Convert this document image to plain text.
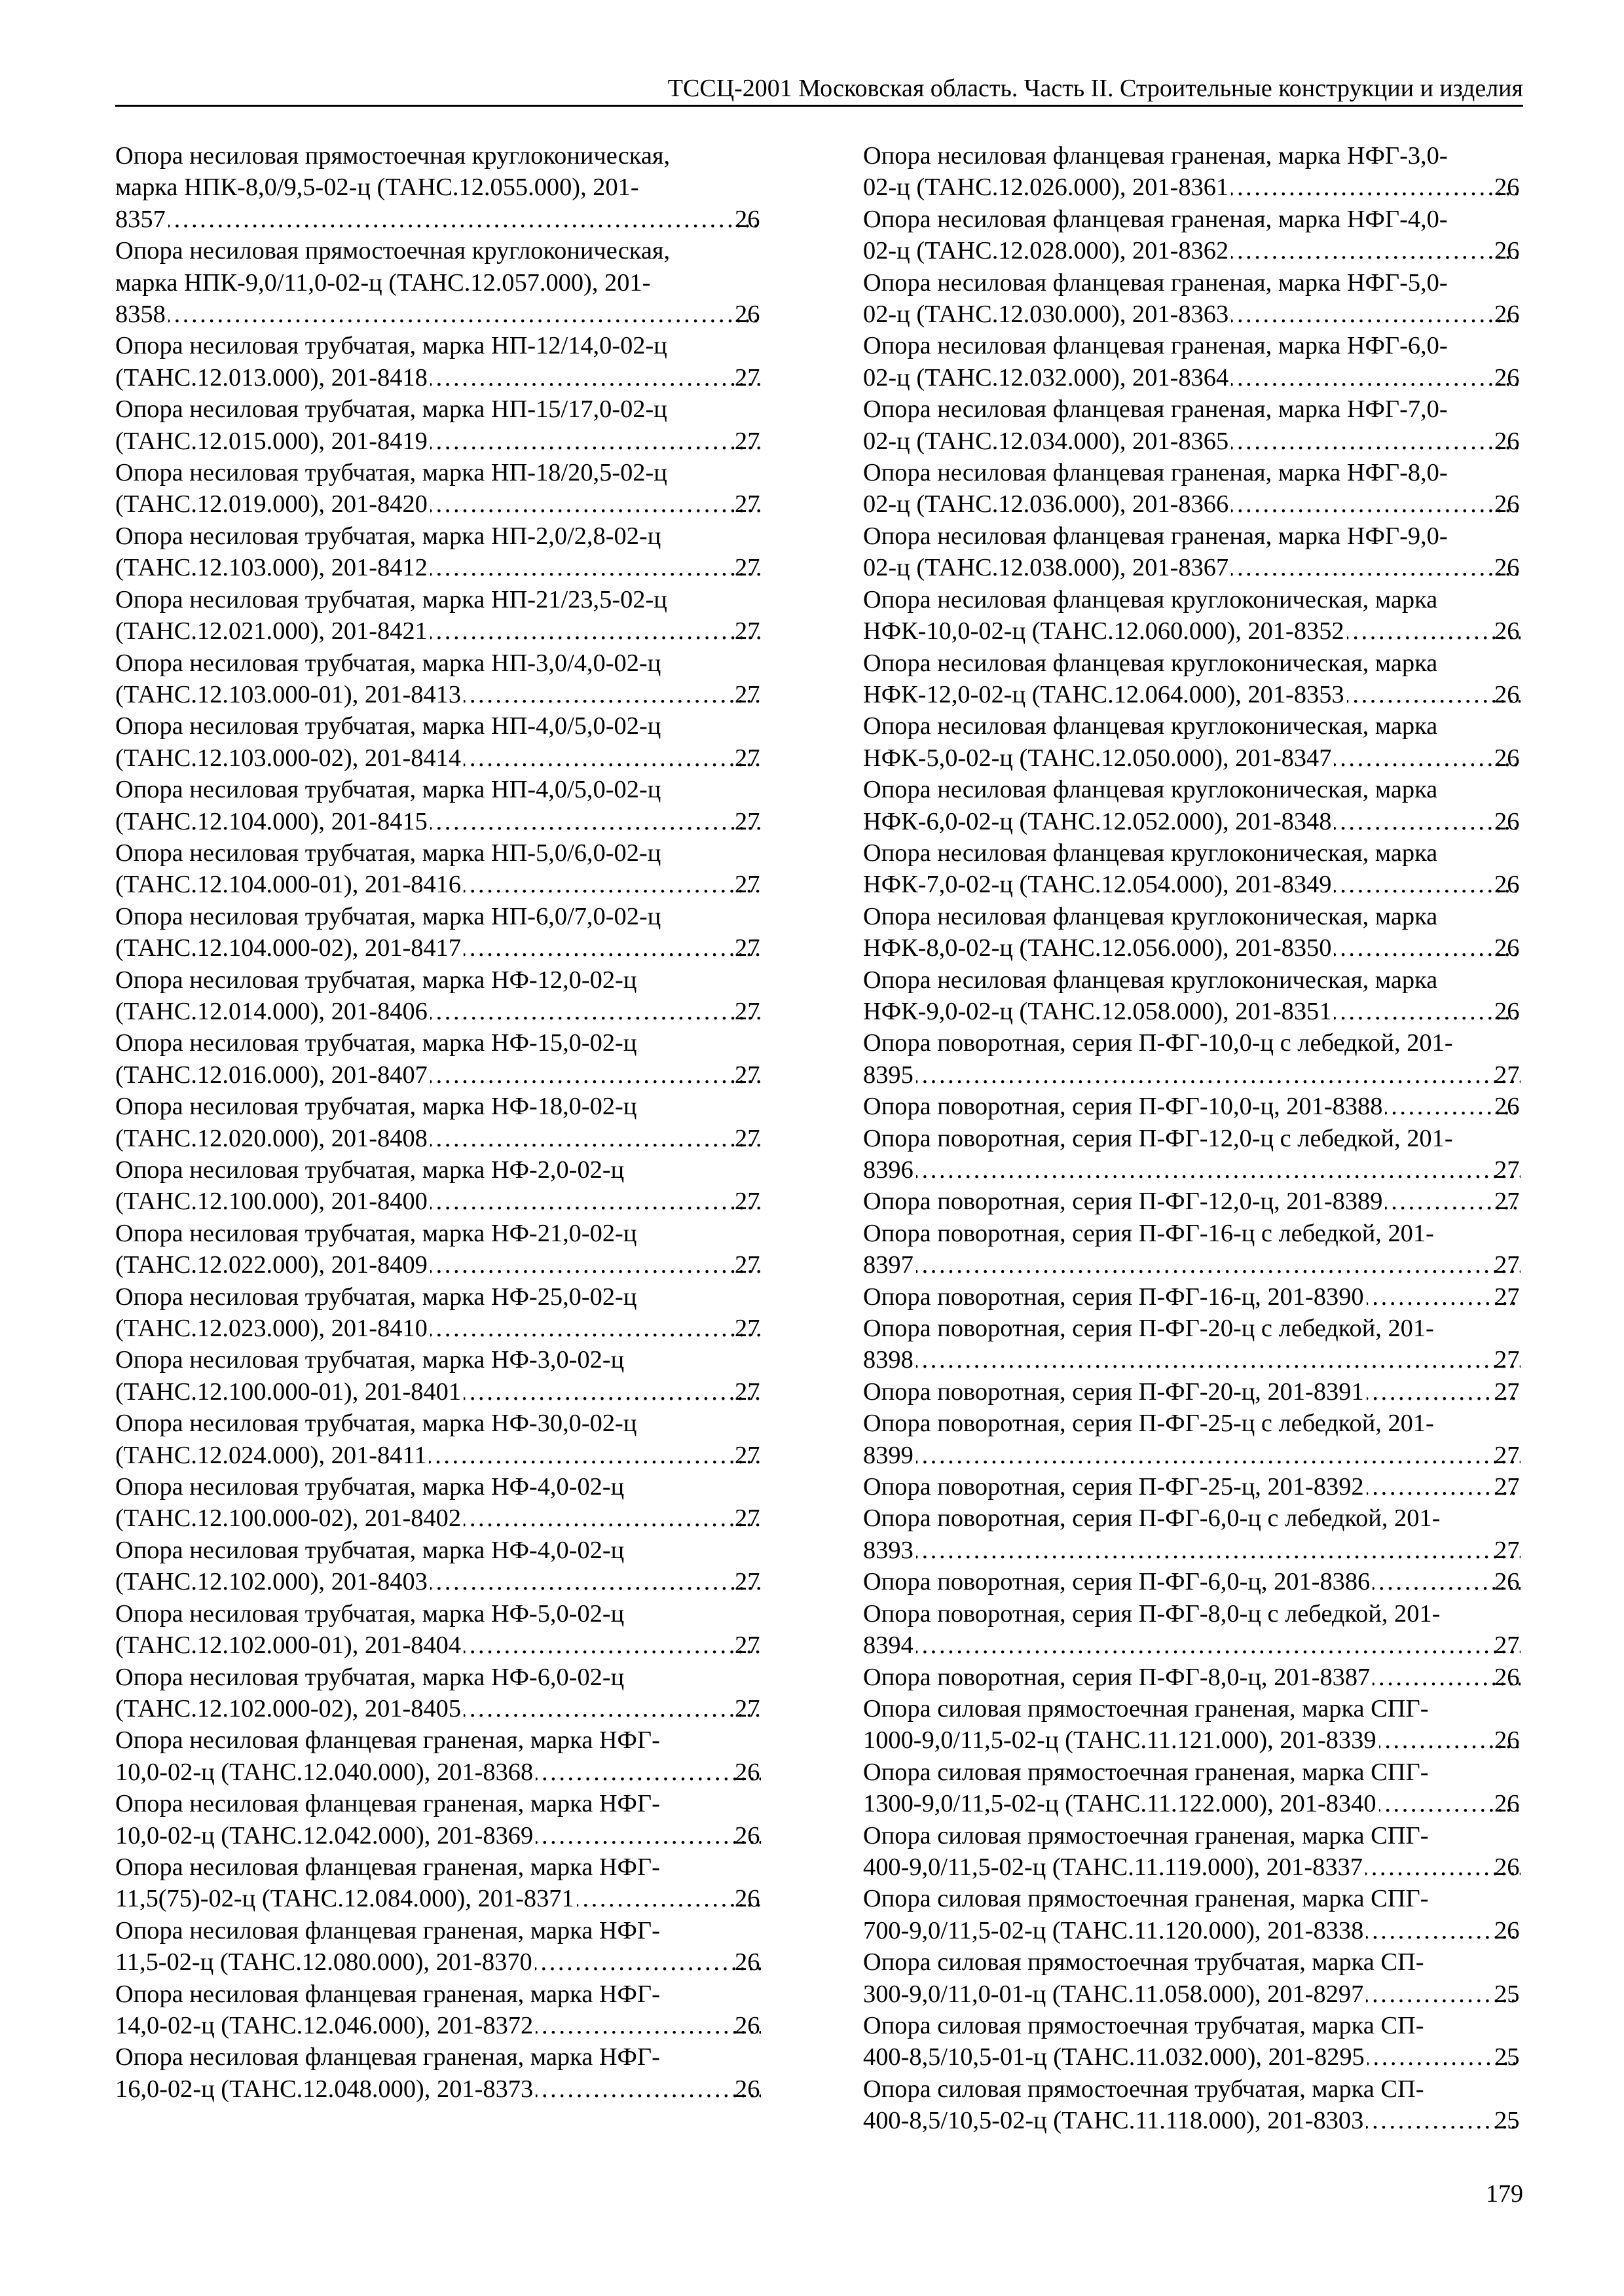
ТССЦ-2001 Московская область. Часть II. Строительные конструкции и изделия
Опора несиловая прямостоечная круглоконическая,
марка НПК-8,0/9,5-02-ц (ТАНС.12.055.000), 201-
8357 . . .	26
Опора несиловая прямостоечная круглоконическая,
марка НПК-9,0/11,0-02-ц (ТАНС.12.057.000), 201-
8358 . . .	26
Опора несиловая трубчатая, марка НП-12/14,0-02-ц
(ТАНС.12.013.000), 201-8418 . . .	27
Опора несиловая трубчатая, марка НП-15/17,0-02-ц
(ТАНС.12.015.000), 201-8419 . . .	27
Опора несиловая трубчатая, марка НП-18/20,5-02-ц
(ТАНС.12.019.000), 201-8420 . . .	27
Опора несиловая трубчатая, марка НП-2,0/2,8-02-ц
(ТАНС.12.103.000), 201-8412 . . .	27
Опора несиловая трубчатая, марка НП-21/23,5-02-ц
(ТАНС.12.021.000), 201-8421 . . .	27
Опора несиловая трубчатая, марка НП-3,0/4,0-02-ц
(ТАНС.12.103.000-01), 201-8413 . . .	27
Опора несиловая трубчатая, марка НП-4,0/5,0-02-ц
(ТАНС.12.103.000-02), 201-8414 . . .	27
Опора несиловая трубчатая, марка НП-4,0/5,0-02-ц
(ТАНС.12.104.000), 201-8415 . . .	27
Опора несиловая трубчатая, марка НП-5,0/6,0-02-ц
(ТАНС.12.104.000-01), 201-8416 . . .	27
Опора несиловая трубчатая, марка НП-6,0/7,0-02-ц
(ТАНС.12.104.000-02), 201-8417 . . .	27
Опора несиловая трубчатая, марка НФ-12,0-02-ц
(ТАНС.12.014.000), 201-8406 . . .	27
Опора несиловая трубчатая, марка НФ-15,0-02-ц
(ТАНС.12.016.000), 201-8407 . . .	27
Опора несиловая трубчатая, марка НФ-18,0-02-ц
(ТАНС.12.020.000), 201-8408 . . .	27
Опора несиловая трубчатая, марка НФ-2,0-02-ц
(ТАНС.12.100.000), 201-8400 . . .	27
Опора несиловая трубчатая, марка НФ-21,0-02-ц
(ТАНС.12.022.000), 201-8409 . . .	27
Опора несиловая трубчатая, марка НФ-25,0-02-ц
(ТАНС.12.023.000), 201-8410 . . .	27
Опора несиловая трубчатая, марка НФ-3,0-02-ц
(ТАНС.12.100.000-01), 201-8401 . . .	27
Опора несиловая трубчатая, марка НФ-30,0-02-ц
(ТАНС.12.024.000), 201-8411 . . .	27
Опора несиловая трубчатая, марка НФ-4,0-02-ц
(ТАНС.12.100.000-02), 201-8402 . . .	27
Опора несиловая трубчатая, марка НФ-4,0-02-ц
(ТАНС.12.102.000), 201-8403 . . .	27
Опора несиловая трубчатая, марка НФ-5,0-02-ц
(ТАНС.12.102.000-01), 201-8404 . . .	27
Опора несиловая трубчатая, марка НФ-6,0-02-ц
(ТАНС.12.102.000-02), 201-8405 . . .	27
Опора несиловая фланцевая граненая, марка НФГ-
10,0-02-ц (ТАНС.12.040.000), 201-8368 . . .	26
Опора несиловая фланцевая граненая, марка НФГ-
10,0-02-ц (ТАНС.12.042.000), 201-8369 . . .	26
Опора несиловая фланцевая граненая, марка НФГ-
11,5(75)-02-ц (ТАНС.12.084.000), 201-8371 . . .	26
Опора несиловая фланцевая граненая, марка НФГ-
11,5-02-ц (ТАНС.12.080.000), 201-8370 . . .	26
Опора несиловая фланцевая граненая, марка НФГ-
14,0-02-ц (ТАНС.12.046.000), 201-8372 . . .	26
Опора несиловая фланцевая граненая, марка НФГ-
16,0-02-ц (ТАНС.12.048.000), 201-8373 . . .	26
Опора несиловая фланцевая граненая, марка НФГ-3,0-
02-ц (ТАНС.12.026.000), 201-8361 . . .	26
Опора несиловая фланцевая граненая, марка НФГ-4,0-
02-ц (ТАНС.12.028.000), 201-8362 . . .	26
Опора несиловая фланцевая граненая, марка НФГ-5,0-
02-ц (ТАНС.12.030.000), 201-8363 . . .	26
Опора несиловая фланцевая граненая, марка НФГ-6,0-
02-ц (ТАНС.12.032.000), 201-8364 . . .	26
Опора несиловая фланцевая граненая, марка НФГ-7,0-
02-ц (ТАНС.12.034.000), 201-8365 . . .	26
Опора несиловая фланцевая граненая, марка НФГ-8,0-
02-ц (ТАНС.12.036.000), 201-8366 . . .	26
Опора несиловая фланцевая граненая, марка НФГ-9,0-
02-ц (ТАНС.12.038.000), 201-8367 . . .	26
Опора несиловая фланцевая круглоконическая, марка
НФК-10,0-02-ц (ТАНС.12.060.000), 201-8352 . . .	26
Опора несиловая фланцевая круглоконическая, марка
НФК-12,0-02-ц (ТАНС.12.064.000), 201-8353 . . .	26
Опора несиловая фланцевая круглоконическая, марка
НФК-5,0-02-ц (ТАНС.12.050.000), 201-8347 . . .	26
Опора несиловая фланцевая круглоконическая, марка
НФК-6,0-02-ц (ТАНС.12.052.000), 201-8348 . . .	26
Опора несиловая фланцевая круглоконическая, марка
НФК-7,0-02-ц (ТАНС.12.054.000), 201-8349 . . .	26
Опора несиловая фланцевая круглоконическая, марка
НФК-8,0-02-ц (ТАНС.12.056.000), 201-8350 . . .	26
Опора несиловая фланцевая круглоконическая, марка
НФК-9,0-02-ц (ТАНС.12.058.000), 201-8351 . . .	26
Опора поворотная, серия П-ФГ-10,0-ц с лебедкой, 201-
8395 . . .	27
Опора поворотная, серия П-ФГ-10,0-ц, 201-8388 . . .	26
Опора поворотная, серия П-ФГ-12,0-ц с лебедкой, 201-
8396 . . .	27
Опора поворотная, серия П-ФГ-12,0-ц, 201-8389 . . .	27
Опора поворотная, серия П-ФГ-16-ц с лебедкой, 201-
8397 . . .	27
Опора поворотная, серия П-ФГ-16-ц, 201-8390 . . .	27
Опора поворотная, серия П-ФГ-20-ц с лебедкой, 201-
8398 . . .	27
Опора поворотная, серия П-ФГ-20-ц, 201-8391 . . .	27
Опора поворотная, серия П-ФГ-25-ц с лебедкой, 201-
8399 . . .	27
Опора поворотная, серия П-ФГ-25-ц, 201-8392 . . .	27
Опора поворотная, серия П-ФГ-6,0-ц с лебедкой, 201-
8393 . . .	27
Опора поворотная, серия П-ФГ-6,0-ц, 201-8386 . . .	26
Опора поворотная, серия П-ФГ-8,0-ц с лебедкой, 201-
8394 . . .	27
Опора поворотная, серия П-ФГ-8,0-ц, 201-8387 . . .	26
Опора силовая прямостоечная граненая, марка СПГ-
1000-9,0/11,5-02-ц (ТАНС.11.121.000), 201-8339 . . .	26
Опора силовая прямостоечная граненая, марка СПГ-
1300-9,0/11,5-02-ц (ТАНС.11.122.000), 201-8340 . . .	26
Опора силовая прямостоечная граненая, марка СПГ-
400-9,0/11,5-02-ц (ТАНС.11.119.000), 201-8337 . . .	26
Опора силовая прямостоечная граненая, марка СПГ-
700-9,0/11,5-02-ц (ТАНС.11.120.000), 201-8338 . . .	26
Опора силовая прямостоечная трубчатая, марка СП-
300-9,0/11,0-01-ц (ТАНС.11.058.000), 201-8297 . . .	25
Опора силовая прямостоечная трубчатая, марка СП-
400-8,5/10,5-01-ц (ТАНС.11.032.000), 201-8295 . . .	25
Опора силовая прямостоечная трубчатая, марка СП-
400-8,5/10,5-02-ц (ТАНС.11.118.000), 201-8303 . . .	25
179
